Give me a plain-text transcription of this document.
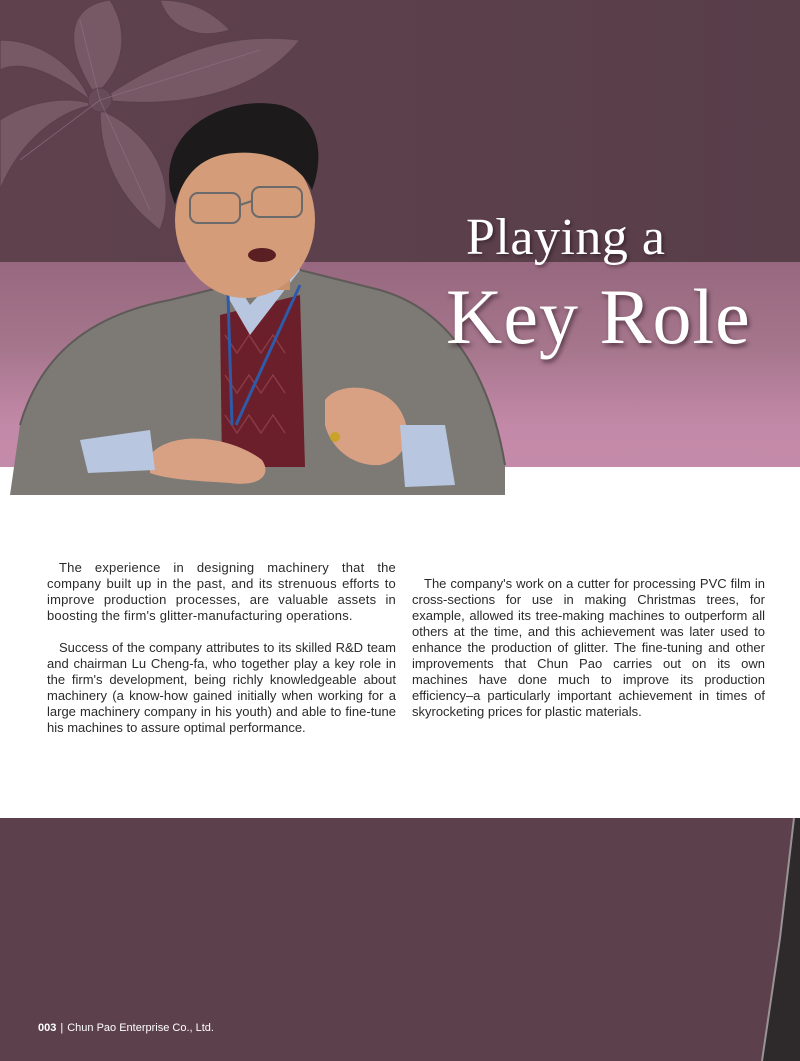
Playing a
Key Role

The experience in designing machinery that the company built up in the past, and its strenuous efforts to improve production processes, are valuable assets in boosting the firm's glitter-manufacturing operations.

Success of the company attributes to its skilled R&D team and chairman Lu Cheng-fa, who together play a key role in the firm's development, being richly knowledgeable about machinery (a know-how gained initially when working for a large machinery company in his youth) and able to fine-tune his machines to assure optimal performance.

The company's work on a cutter for processing PVC film in cross-sections for use in making Christmas trees, for example, allowed its tree-making machines to outperform all others at the time, and this achievement was later used to enhance the production of glitter. The fine-tuning and other improvements that Chun Pao carries out on its own machines have done much to improve its production efficiency–a particularly important achievement in times of skyrocketing prices for plastic materials.

003 | Chun Pao Enterprise Co., Ltd.
